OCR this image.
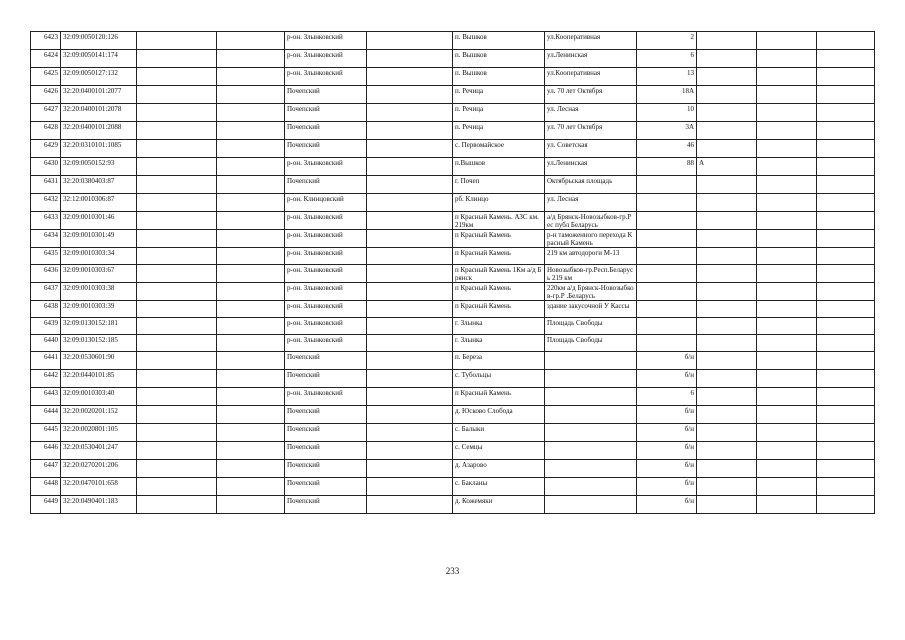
6423	32:09:0050120:126			р-он. Злынковский		п. Вышков	ул.Кооперативная	2			
6424	32:09:0050141:174			р-он. Злынковский		п. Вышков	ул.Ленинская	6			
6425	32:09:0050127:132			р-он. Злынковский		п. Вышков	ул.Кооперативная	13			
6426	32:20:0400101:2077			Почепский		п. Речица	ул. 70 лет Октября	18А			
6427	32:20:0400101:2078			Почепский		п. Речица	ул. Лесная	10			
6428	32:20:0400101:2088			Почепский		п. Речица	ул. 70 лет Октября	3А			
6429	32:20:0310101:1085			Почепский		с. Первомайское	ул. Советская	46			
6430	32:09:0050152:93			р-он. Злынковский		п.Вышков	ул.Ленинская	88	А		
6431	32:20:0380403:87			Почепский		г. Почеп	Октябрьская площадь				
6432	32:12:0010306:87			р-он. Клинцовский		рб. Клинцо	ул. Лесная				
6433	32:09:0010301:46			р-он. Злынковский		п Красный Камень. АЗС км.219км	а/д Брянск-Новозыбков-гр.Рес публ Беларусь				
6434	32:09:0010301:49			р-он. Злынковский		п Красный Камень	р-н таможенного перехода Красный Камень				
6435	32:09:0010303:34			р-он. Злынковский		п Красный Камень	219 км автодороги М-13				
6436	32:09:0010303:67			р-он. Злынковский		п Красный Камень 1Км а/д Брянск	Новозыбков-гр.Респ.Беларусь 219 км				
6437	32:09:0010303:38			р-он. Злынковский		п Красный Камень	220км а/д Брянск-Новозыбков-гр.Р .Беларусь				
6438	32:09:0010303:39			р-он. Злынковский		п Красный Камень	здание закусочной У Кассы				
6439	32:09:0130152:181			р-он. Злынковский		г. Злынка	Площадь Свободы				
6440	32:09:0130152:185			р-он. Злынковский		г. Злынка	Площадь Свободы				
6441	32:20:0530601:90			Почепский		п. Береза		б/н			
6442	32:20:0440101:85			Почепский		с. Тубольцы		б/н			
6443	32:09:0010303:40			р-он. Злынковский		п Красный Камень		6			
6444	32:20:0020201:152			Почепский		д. Юсково Слобода		б/н			
6445	32:20:0020801:105			Почепский		с. Балыки		б/н			
6446	32:20:0530401:247			Почепский		с. Семцы		б/н			
6447	32:20:0270201:206			Почепский		д. Азарово		б/н			
6448	32:20:0470101:658			Почепский		с. Бакланы		б/н			
6449	32:20:0490401:183			Почепский		д. Кожемяки		б/н			
233
